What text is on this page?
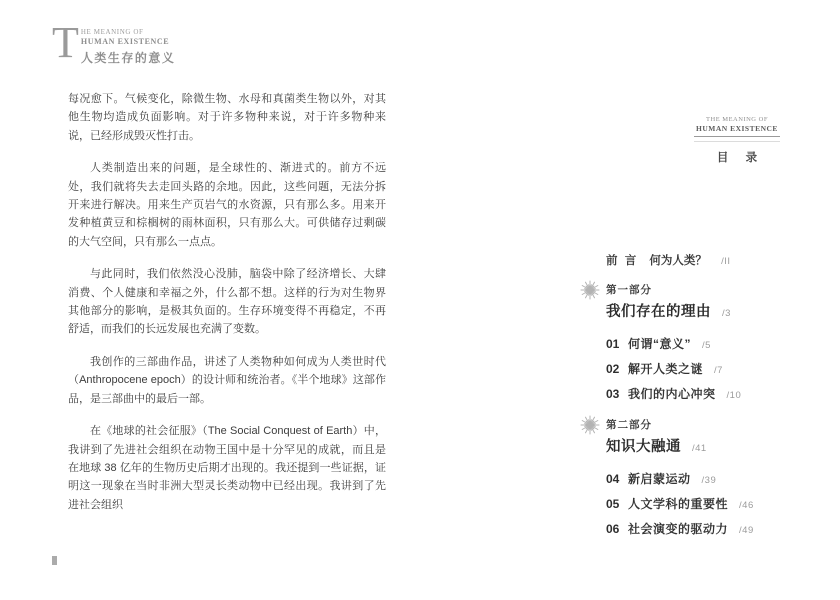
T HE MEANING OF
HUMAN EXISTENCE
人类生存的意义

每况愈下。气候变化，除微生物、水母和真菌类生物以外，对其他生物均造成负面影响。对于许多物种来说，对于许多物种来说，已经形成毁灭性打击。

人类制造出来的问题，是全球性的、渐进式的。前方不远处，我们就将失去走回头路的余地。因此，这些问题，无法分拆开来进行解决。用来生产页岩气的水资源，只有那么多。用来开发种植黄豆和棕榈树的雨林面积，只有那么大。可供储存过剩碳的大气空间，只有那么一点点。

与此同时，我们依然没心没肺，脑袋中除了经济增长、大肆消费、个人健康和幸福之外，什么都不想。这样的行为对生物界其他部分的影响，是极其负面的。生存环境变得不再稳定，不再舒适，而我们的长远发展也充满了变数。

我创作的三部曲作品，讲述了人类物种如何成为人类世时代（Anthropocene epoch）的设计师和统治者。《半个地球》这部作品，是三部曲中的最后一部。

在《地球的社会征服》（The Social Conquest of Earth）中，我讲到了先进社会组织在动物王国中是十分罕见的成就，而且是在地球 38 亿年的生物历史后期才出现的。我还提到一些证据，证明这一现象在当时非洲大型灵长类动物中已经出现。我讲到了先进社会组织

THE MEANING OF
HUMAN EXISTENCE
目 录
前 言 何为人类？ /II
第一部分
我们存在的理由 /3
01 何谓“意义” /5
02 解开人类之谜 /7
03 我们的内心冲突 /10
第二部分
知识大融通 /41
04 新启蒙运动 /39
05 人文学科的重要性 /46
06 社会演变的驱动力 /49
